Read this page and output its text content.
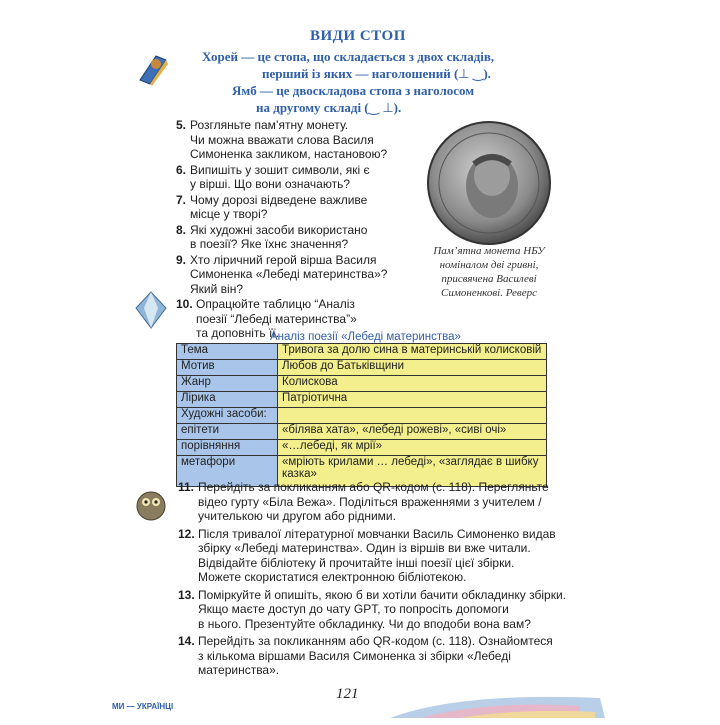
ВИДИ СТОП
Хорей — це стопа, що складається з двох складів,
перший із яких — наголошений (⊥ ‿).
Ямб — це двоскладова стопа з наголосом
на другому складі (‿ ⊥).
5. Розгляньте пам’ятну монету.
Чи можна вважати слова Василя
Симоненка закликом, настановою?
6. Випишіть у зошит символи, які є
у вірші. Що вони означають?
7. Чому дорозі відведене важливе
місце у творі?
8. Які художні засоби використано
в поезії? Яке їхнє значення?
9. Хто ліричний герой вірша Василя
Симоненка «Лебеді материнства»?
Який він?
10. Опрацюйте таблицю “Аналіз
поезії “Лебеді материнства”»
та доповніть її.
Пам’ятна монета НБУ
номіналом дві гривні,
присвячена Василеві
Симоненкові. Реверс
Аналіз поезії «Лебеді материнства»
Тема	Тривога за долю сина в материнській колисковій
Мотив	Любов до Батьківщини
Жанр	Колискова
Лірика	Патріотична
Художні засоби:	
епітети	«білява хата», «лебеді рожеві», «сиві очі»
порівняння	«…лебеді, як мрії»
метафори	«мріють крилами … лебеді», «заглядає в шибку казка»
11. Перейдіть за покликанням або QR-кодом (с. 118). Перегляньте
відео гурту «Біла Вежа». Поділіться враженнями з учителем /
учителькою чи другом або рідними.
12. Після тривалої літературної мовчанки Василь Симоненко видав
збірку «Лебеді материнства». Один із віршів ви вже читали.
Відвідайте бібліотеку й прочитайте інші поезії цієї збірки.
Можете скористатися електронною бібліотекою.
13. Поміркуйте й опишіть, якою б ви хотіли бачити обкладинку збірки.
Якщо маєте доступ до чату GPT, то попросіть допомоги
в нього. Презентуйте обкладинку. Чи до вподоби вона вам?
14. Перейдіть за покликанням або QR-кодом (с. 118). Ознайомтеся
з кількома віршами Василя Симоненка зі збірки «Лебеді
материнства».
МИ — УКРАЇНЦІ
121
